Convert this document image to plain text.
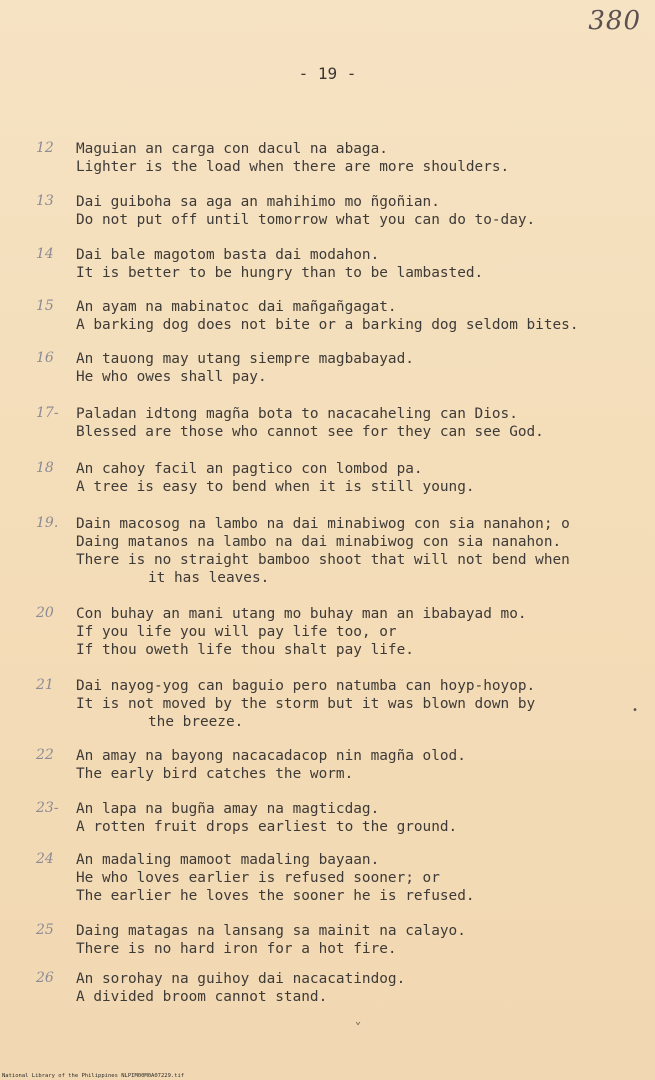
380
- 19 -
12	Maguian an carga con dacul na abaga.
Lighter is the load when there are more shoulders.
13	Dai guiboha sa aga an mahihimo mo ñgoñian.
Do not put off until tomorrow what you can do to-day.
14	Dai bale magotom basta dai modahon.
It is better to be hungry than to be lambasted.
15	An ayam na mabinatoc dai mañgañgagat.
A barking dog does not bite or a barking dog seldom bites.
16	An tauong may utang siempre magbabayad.
He who owes shall pay.
17-	Paladan idtong magña bota to nacacaheling can Dios.
Blessed are those who cannot see for they can see God.
18	An cahoy facil an pagtico con lombod pa.
A tree is easy to bend when it is still young.
19.	Dain macosog na lambo na dai minabiwog con sia nanahon; o
Daing matanos na lambo na dai minabiwog con sia nanahon.
There is no straight bamboo shoot that will not bend when
it has leaves.
20	Con buhay an mani utang mo buhay man an ibabayad mo.
If you life you will pay life too, or
If thou oweth life thou shalt pay life.
21	Dai nayog-yog can baguio pero natumba can hoyp-hoyop.
It is not moved by the storm but it was blown down by
the breeze.
22	An amay na bayong nacacadacop nin magña olod.
The early bird catches the worm.
23-	An lapa na bugña amay na magticdag.
A rotten fruit drops earliest to the ground.
24	An madaling mamoot madaling bayaan.
He who loves earlier is refused sooner; or
The earlier he loves the sooner he is refused.
25	Daing matagas na lansang sa mainit na calayo.
There is no hard iron for a hot fire.
26	An sorohay na guihoy dai nacacatindog.
A divided broom cannot stand.
•
⌄
National Library of the Philippines NLPIM00M0A07229.tif
